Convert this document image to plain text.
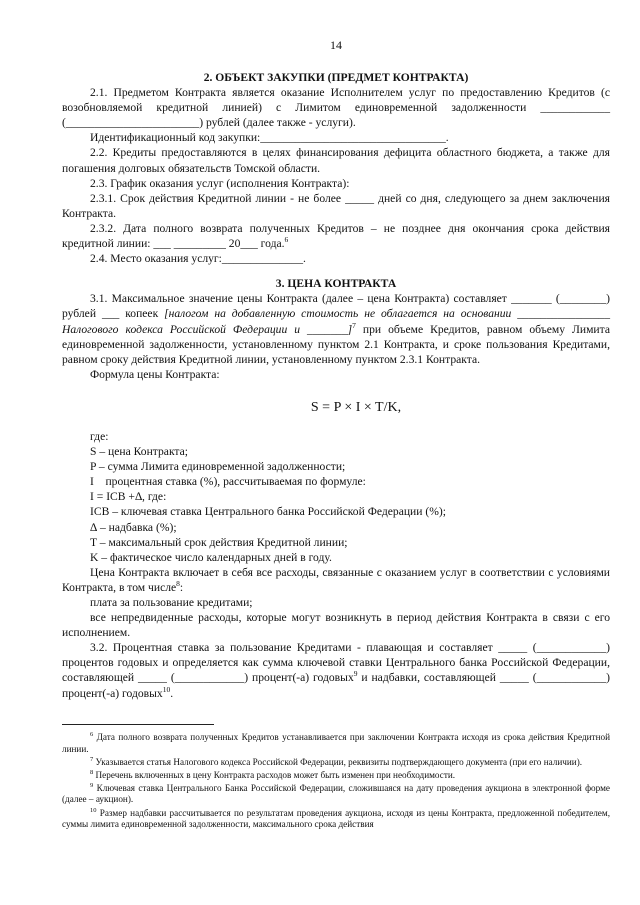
14

2. ОБЪЕКТ ЗАКУПКИ (ПРЕДМЕТ КОНТРАКТА)

2.1. Предметом Контракта является оказание Исполнителем услуг по предоставлению Кредитов (с возобновляемой кредитной линией) с Лимитом единовременной задолженности ____________ (_______________________) рублей (далее также - услуги).

Идентификационный код закупки:________________________________.

2.2. Кредиты предоставляются в целях финансирования дефицита областного бюджета, а также для погашения долговых обязательств Томской области.

2.3. График оказания услуг (исполнения Контракта):

2.3.1. Срок действия Кредитной линии - не более _____ дней со дня, следующего за днем заключения Контракта.

2.3.2. Дата полного возврата полученных Кредитов – не позднее дня окончания срока действия кредитной линии: ___ _________ 20___ года.$^6$

2.4. Место оказания услуг:______________.

3. ЦЕНА КОНТРАКТА

3.1. Максимальное значение цены Контракта (далее – цена Контракта) составляет _______ (________) рублей ___ копеек [налогом на добавленную стоимость не облагается на основании ________________ Налогового кодекса Российской Федерации и _______]$^7$ при объеме Кредитов, равном объему Лимита единовременной задолженности, установленному пунктом 2.1 Контракта, и сроке пользования Кредитами, равном сроку действия Кредитной линии, установленному пунктом 2.3.1 Контракта.

Формула цены Контракта:

S = P × I × T/K,

где:

S – цена Контракта;

P – сумма Лимита единовременной задолженности;

I    процентная ставка (%), рассчитываемая по формуле:

I = ICB +∆, где:

ICB – ключевая ставка Центрального банка Российской Федерации (%);

∆ – надбавка (%);

T – максимальный срок действия Кредитной линии;

K – фактическое число календарных дней в году.

Цена Контракта включает в себя все расходы, связанные с оказанием услуг в соответствии с условиями Контракта, в том числе$^8$:

плата за пользование кредитами;

все непредвиденные расходы, которые могут возникнуть в период действия Контракта в связи с его исполнением.

3.2. Процентная ставка за пользование Кредитами - плавающая и составляет _____ (____________) процентов годовых и определяется как сумма ключевой ставки Центрального банка Российской Федерации, составляющей _____ (____________) процент(-а) годовых$^9$ и надбавки, составляющей _____ (____________) процент(-а) годовых$^{10}$.

$^6$ Дата полного возврата полученных Кредитов устанавливается при заключении Контракта исходя из срока действия Кредитной линии.

$^7$ Указывается статья Налогового кодекса Российской Федерации, реквизиты подтверждающего документа (при его наличии).

$^8$ Перечень включенных в цену Контракта расходов может быть изменен при необходимости.

$^9$ Ключевая ставка Центрального Банка Российской Федерации, сложившаяся на дату проведения аукциона в электронной форме (далее – аукцион).

$^{10}$ Размер надбавки рассчитывается по результатам проведения аукциона, исходя из цены Контракта, предложенной победителем, суммы лимита единовременной задолженности, максимального срока действия
